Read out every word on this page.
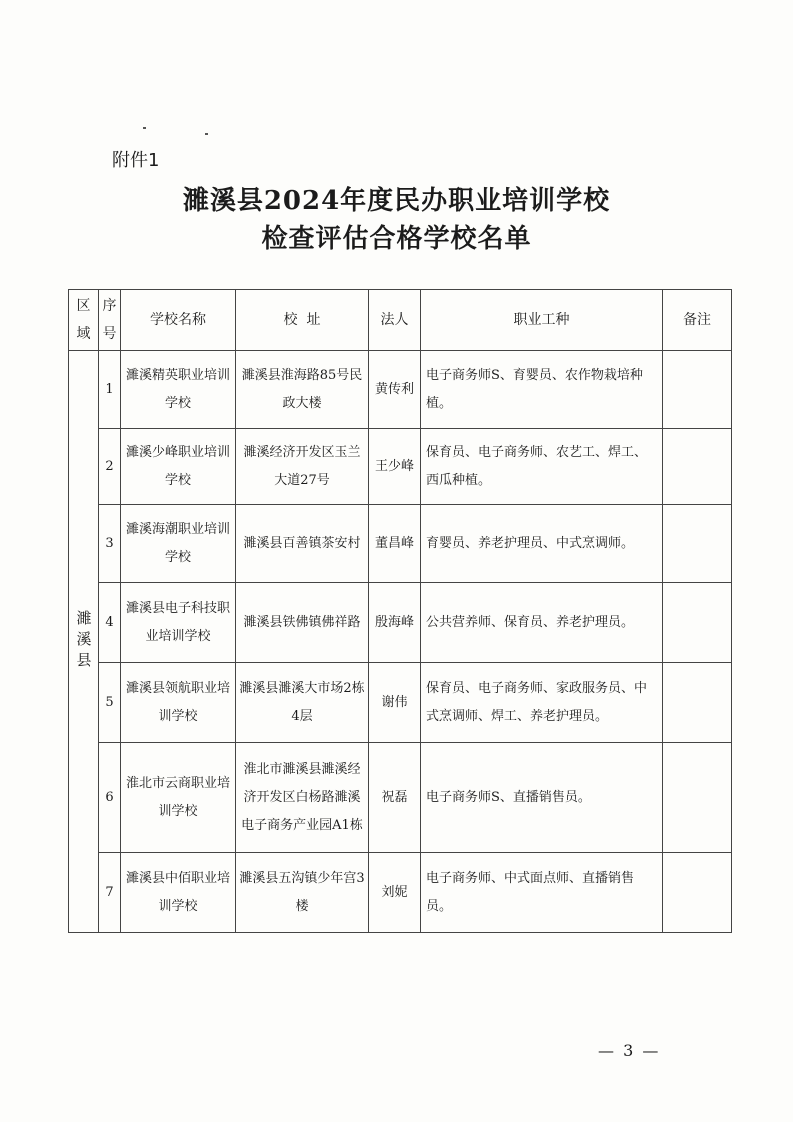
附件1
濉溪县2024年度民办职业培训学校
检查评估合格学校名单
区域	序号	学校名称	校  址	法人	职业工种	备注
濉溪县	1	濉溪精英职业培训学校	濉溪县淮海路85号民政大楼	黄传利	电子商务师S、育婴员、农作物栽培种植。	
	2	濉溪少峰职业培训学校	濉溪经济开发区玉兰大道27号	王少峰	保育员、电子商务师、农艺工、焊工、西瓜种植。	
	3	濉溪海潮职业培训学校	濉溪县百善镇茶安村	董昌峰	育婴员、养老护理员、中式烹调师。	
	4	濉溪县电子科技职业培训学校	濉溪县铁佛镇佛祥路	殷海峰	公共营养师、保育员、养老护理员。	
	5	濉溪县领航职业培训学校	濉溪县濉溪大市场2栋4层	谢伟	保育员、电子商务师、家政服务员、中式烹调师、焊工、养老护理员。	
	6	淮北市云商职业培训学校	淮北市濉溪县濉溪经济开发区白杨路濉溪电子商务产业园A1栋	祝磊	电子商务师S、直播销售员。	
	7	濉溪县中佰职业培训学校	濉溪县五沟镇少年宫3楼	刘妮	电子商务师、中式面点师、直播销售员。	
— 3 —
